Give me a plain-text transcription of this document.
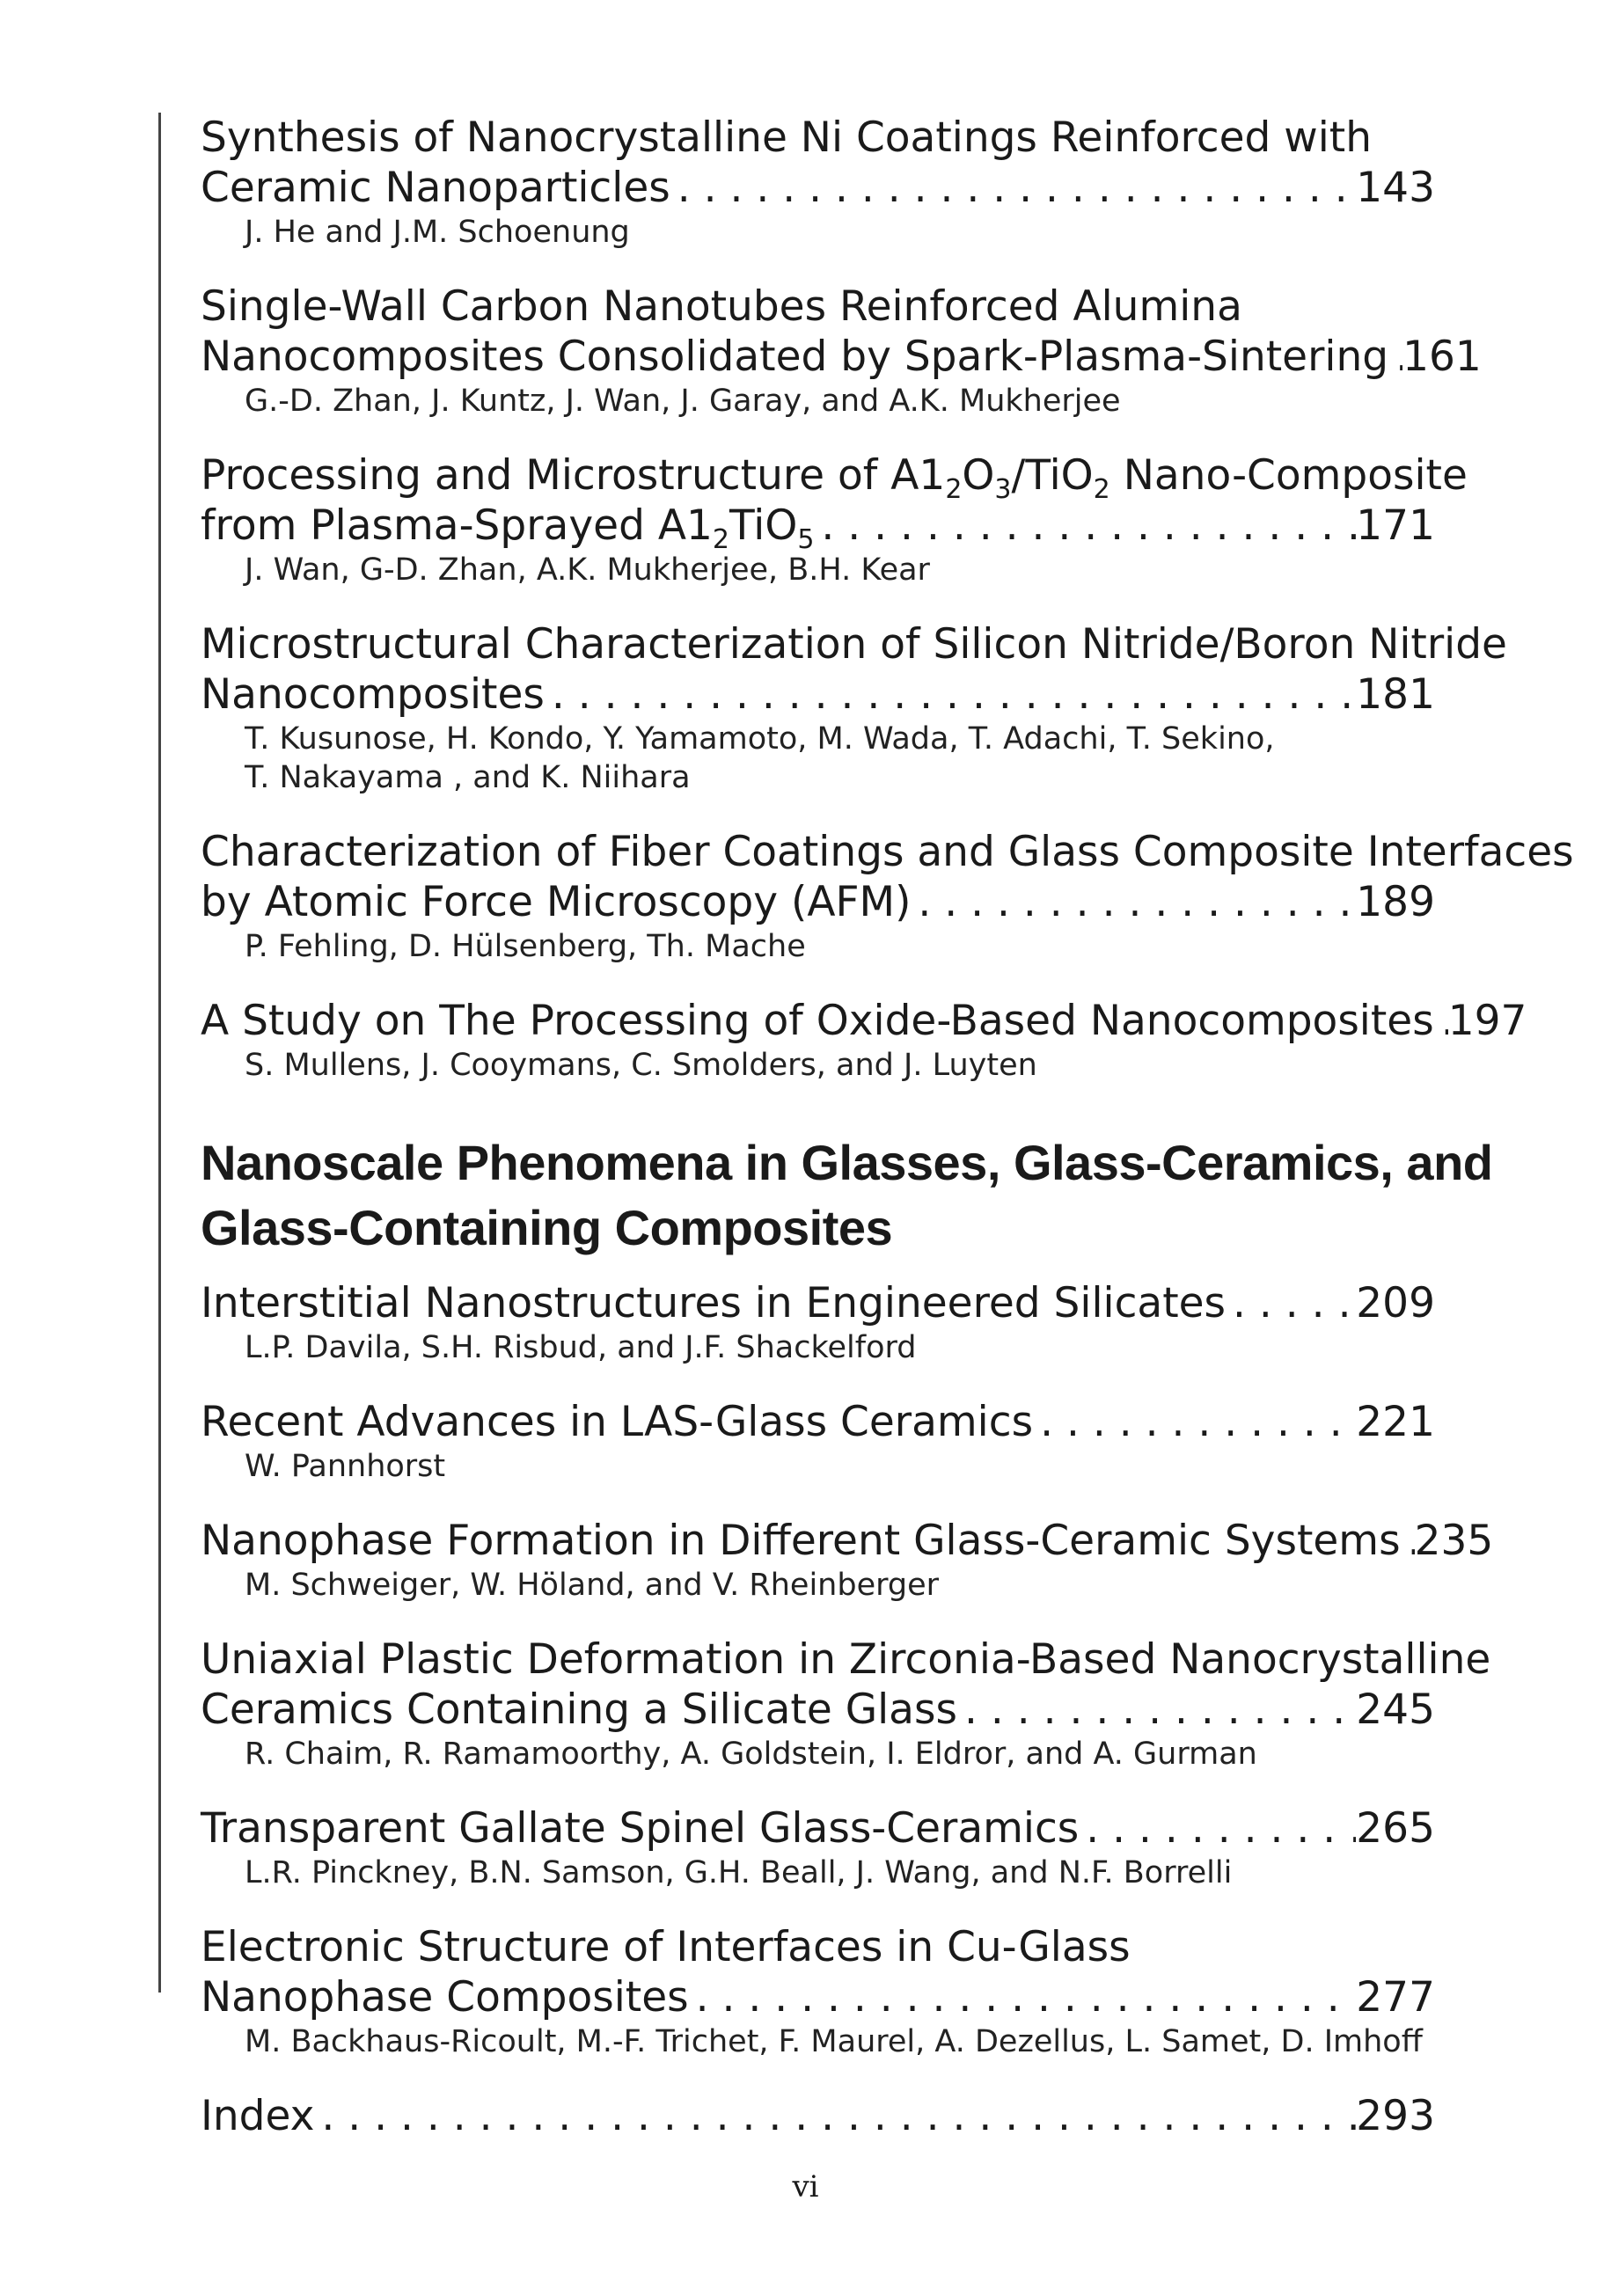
Synthesis of Nanocrystalline Ni Coatings Reinforced with
Ceramic Nanoparticles . . .	143
J. He and J.M. Schoenung
Single-Wall Carbon Nanotubes Reinforced Alumina
Nanocomposites Consolidated by Spark-Plasma-Sintering . . . 161
G.-D. Zhan, J. Kuntz, J. Wan, J. Garay, and A.K. Mukherjee
Processing and Microstructure of $A1_2O_3/TiO_2$ Nano-Composite
from Plasma-Sprayed $A1_2TiO_5$ . . .	171
J. Wan, G-D. Zhan, A.K. Mukherjee, B.H. Kear
Microstructural Characterization of Silicon Nitride/Boron Nitride
Nanocomposites . . .	181
T. Kusunose, H. Kondo, Y. Yamamoto, M. Wada, T. Adachi, T. Sekino,
T. Nakayama , and K. Niihara
Characterization of Fiber Coatings and Glass Composite Interfaces
by Atomic Force Microscopy (AFM) . . .	189
P. Fehling, D. Hülsenberg, Th. Mache
A Study on The Processing of Oxide-Based Nanocomposites . . . 197
S. Mullens, J. Cooymans, C. Smolders, and J. Luyten
Nanoscale Phenomena in Glasses, Glass-Ceramics, and
Glass-Containing Composites
Interstitial Nanostructures in Engineered Silicates . . .	209
L.P. Davila, S.H. Risbud, and J.F. Shackelford
Recent Advances in LAS-Glass Ceramics . . .	221
W. Pannhorst
Nanophase Formation in Different Glass-Ceramic Systems . . . 235
M. Schweiger, W. Höland, and V. Rheinberger
Uniaxial Plastic Deformation in Zirconia-Based Nanocrystalline
Ceramics Containing a Silicate Glass . . .	245
R. Chaim, R. Ramamoorthy, A. Goldstein, I. Eldror, and A. Gurman
Transparent Gallate Spinel Glass-Ceramics . . .	265
L.R. Pinckney, B.N. Samson, G.H. Beall, J. Wang, and N.F. Borrelli
Electronic Structure of Interfaces in Cu-Glass
Nanophase Composites . . .	277
M. Backhaus-Ricoult, M.-F. Trichet, F. Maurel, A. Dezellus, L. Samet, D. Imhoff
Index . . .	293
vi
